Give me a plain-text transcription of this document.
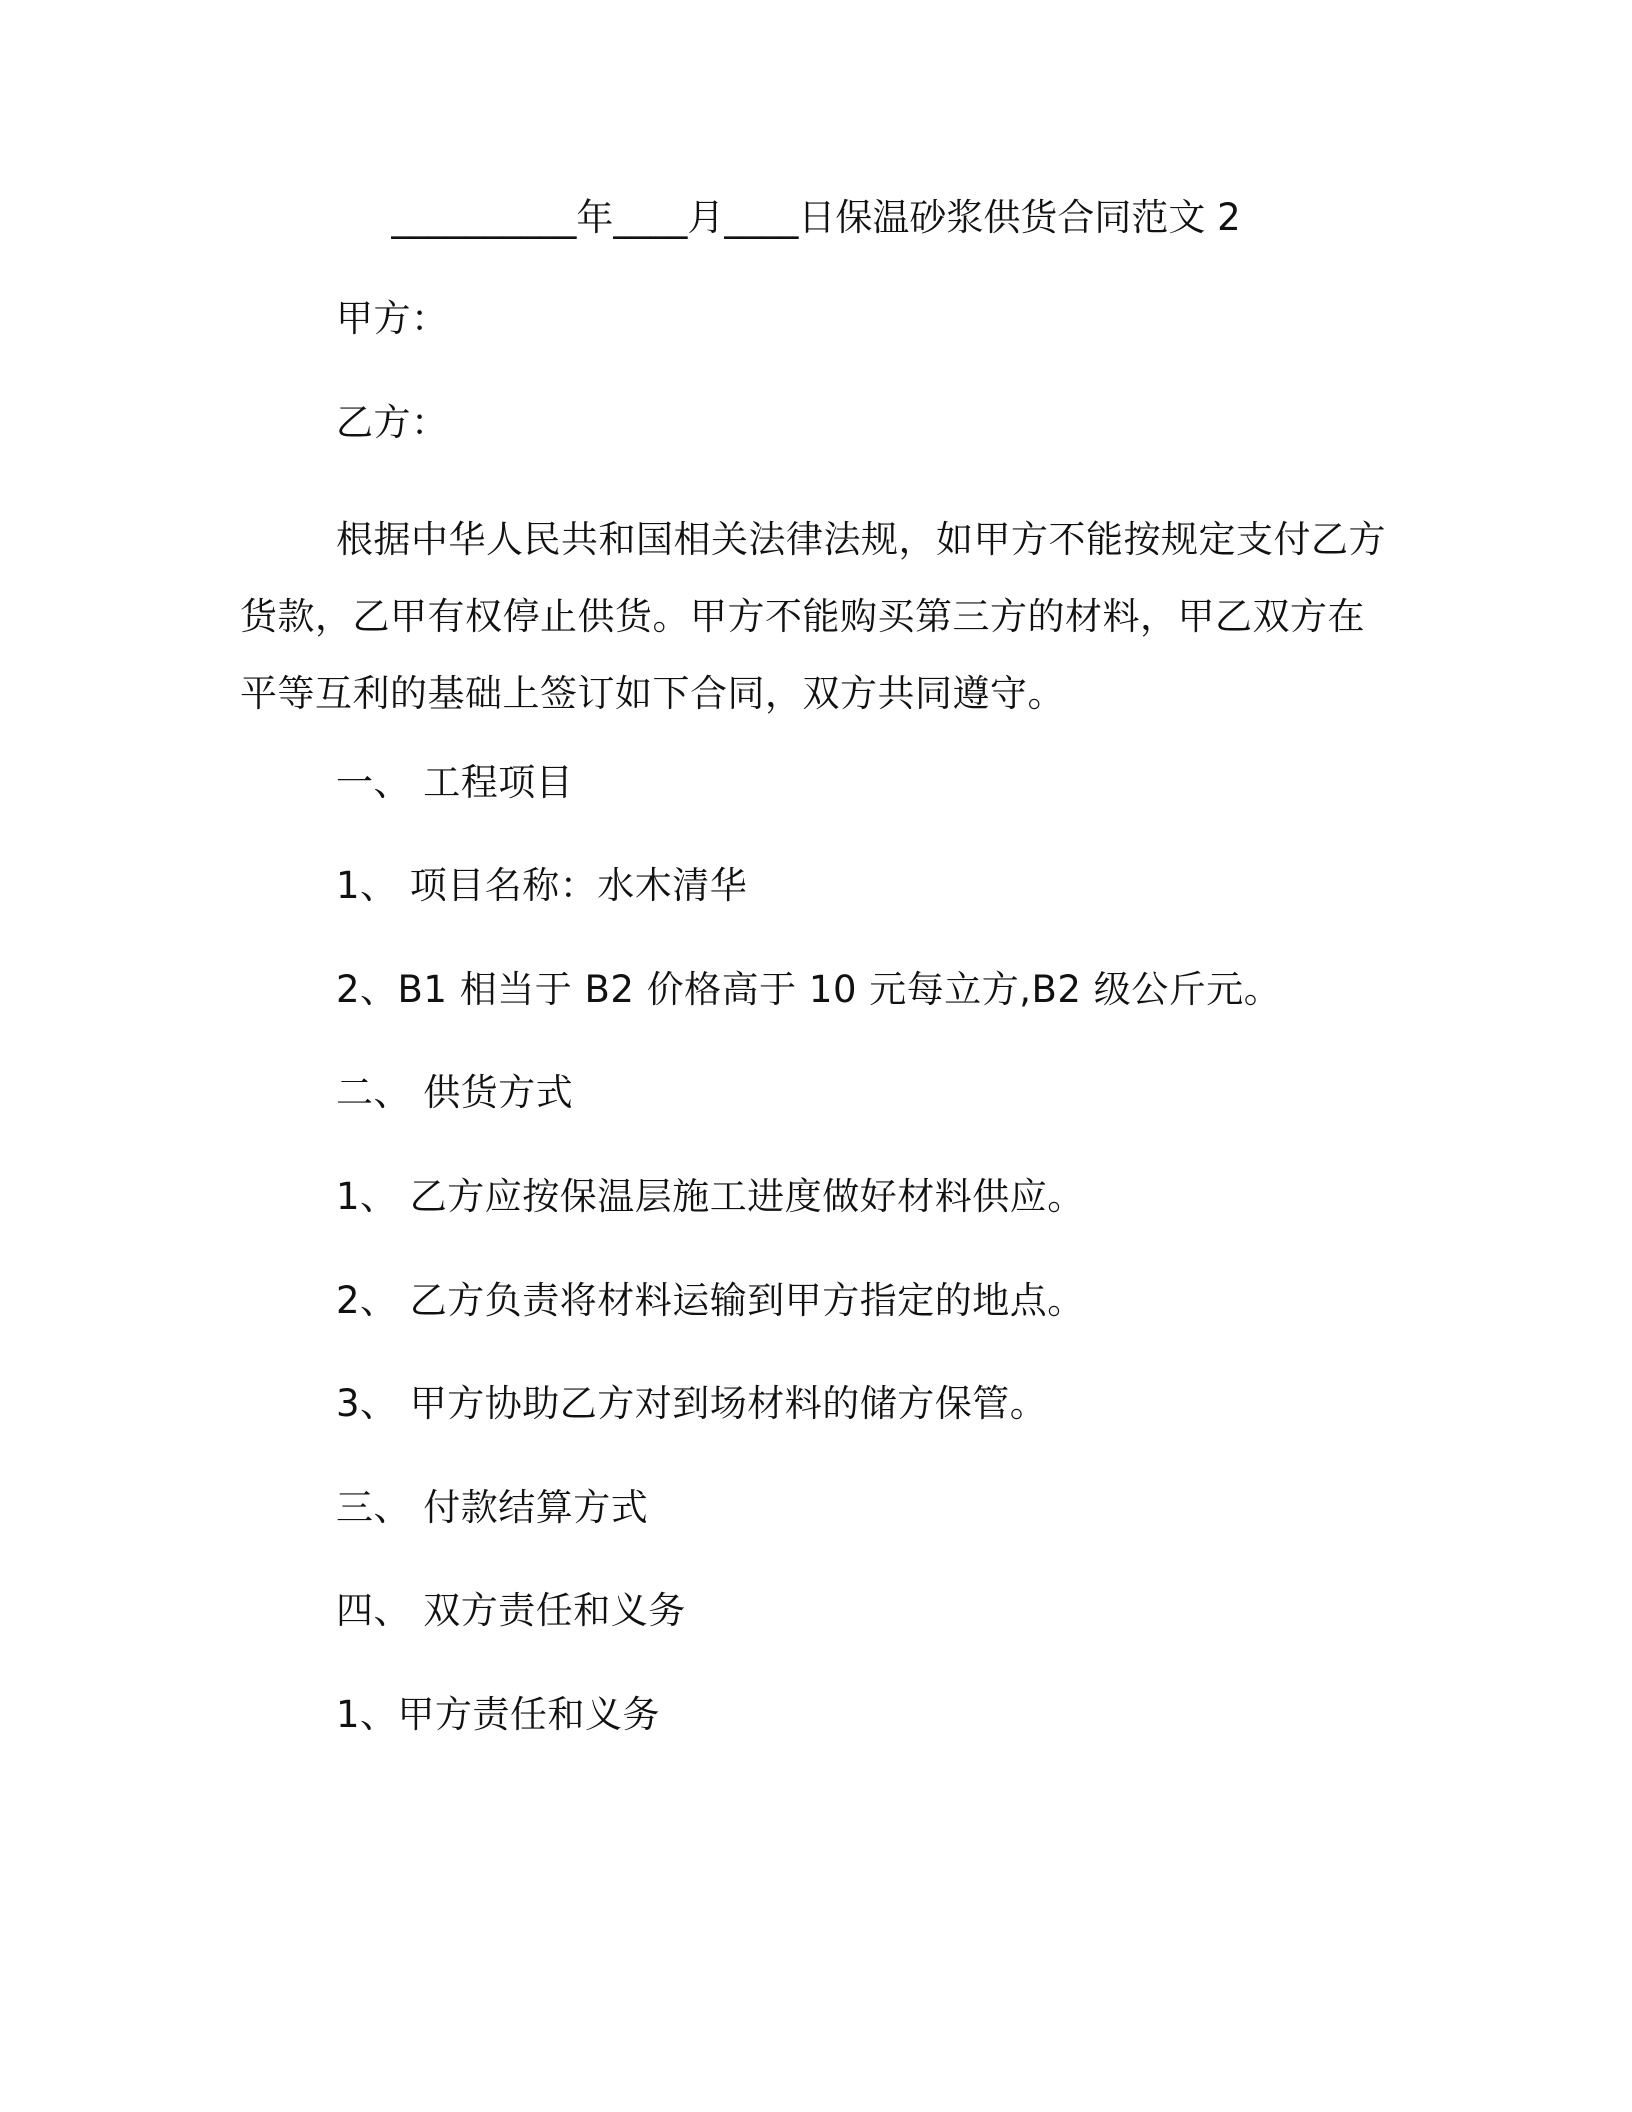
__________年____月____日保温砂浆供货合同范文 2
甲方：
乙方：
根据中华人民共和国相关法律法规，如甲方不能按规定支付乙方货款，乙甲有权停止供货。甲方不能购买第三方的材料，甲乙双方在平等互利的基础上签订如下合同，双方共同遵守。
一、 工程项目
1、 项目名称：水木清华
2、B1 相当于 B2 价格高于 10 元每立方,B2 级公斤元。
二、 供货方式
1、 乙方应按保温层施工进度做好材料供应。
2、 乙方负责将材料运输到甲方指定的地点。
3、 甲方协助乙方对到场材料的储方保管。
三、 付款结算方式
四、 双方责任和义务
1、甲方责任和义务
